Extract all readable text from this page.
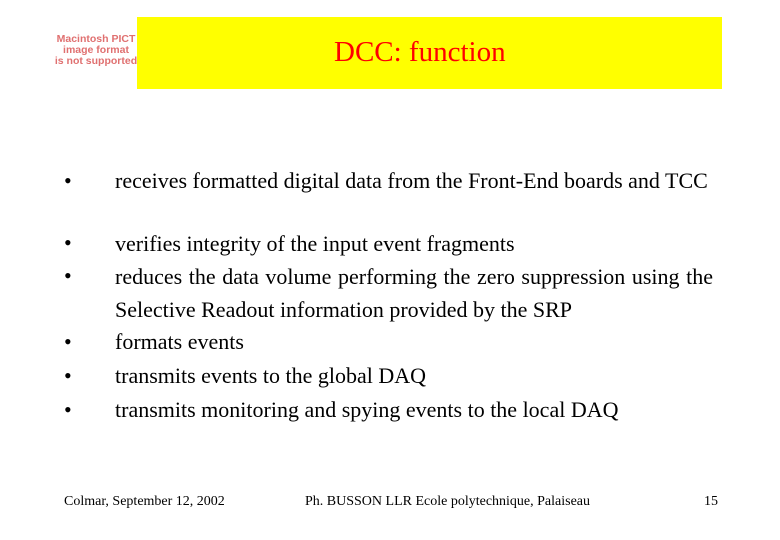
Macintosh PICT
image format
is not supported	DCC: function
• receives formatted digital data from the Front-End boards and TCC
• verifies integrity of the input event fragments
• reduces the data volume performing the zero suppression using the Selective Readout information provided by the SRP
• formats events
• transmits events to the global DAQ
• transmits monitoring and spying events to the local DAQ
Colmar, September 12, 2002	Ph. BUSSON LLR Ecole polytechnique, Palaiseau	15
